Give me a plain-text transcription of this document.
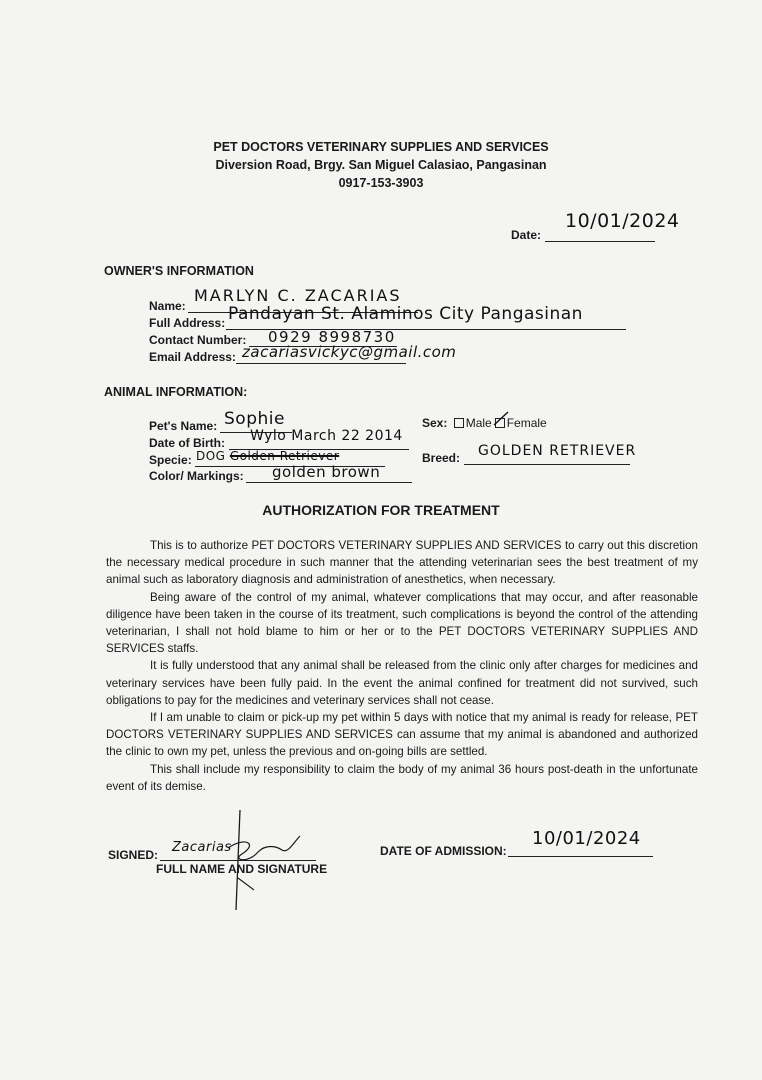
PET DOCTORS VETERINARY SUPPLIES AND SERVICES
Diversion Road, Brgy. San Miguel Calasiao, Pangasinan
0917-153-3903
Date:
10/01/2024
OWNER'S INFORMATION
Name:
MARLYN C. ZACARIAS
Full Address: Pandayan St. Alaminos City Pangasinan
Contact Number: 0929 8998730
Email Address: zacariasvickyc@gmail.com
ANIMAL INFORMATION:
Pet's Name: Sophie	Sex: Male Female
Date of Birth: Wylo March 22 2014
Specie: DOG Golden Retriever	Breed: GOLDEN RETRIEVER
Color/ Markings: golden brown
AUTHORIZATION FOR TREATMENT

This is to authorize PET DOCTORS VETERINARY SUPPLIES AND SERVICES to carry out this discretion the necessary medical procedure in such manner that the attending veterinarian sees the best treatment of my animal such as laboratory diagnosis and administration of anesthetics, when necessary.

Being aware of the control of my animal, whatever complications that may occur, and after reasonable diligence have been taken in the course of its treatment, such complications is beyond the control of the attending veterinarian, I shall not hold blame to him or her or to the PET DOCTORS VETERINARY SUPPLIES AND SERVICES staffs.

It is fully understood that any animal shall be released from the clinic only after charges for medicines and veterinary services have been fully paid. In the event the animal confined for treatment did not survived, such obligations to pay for the medicines and veterinary services shall not cease.

If I am unable to claim or pick-up my pet within 5 days with notice that my animal is ready for release, PET DOCTORS VETERINARY SUPPLIES AND SERVICES can assume that my animal is abandoned and authorized the clinic to own my pet, unless the previous and on-going bills are settled.

This shall include my responsibility to claim the body of my animal 36 hours post-death in the unfortunate event of its demise.

SIGNED: Zacarias
FULL NAME AND SIGNATURE
DATE OF ADMISSION:
10/01/2024
